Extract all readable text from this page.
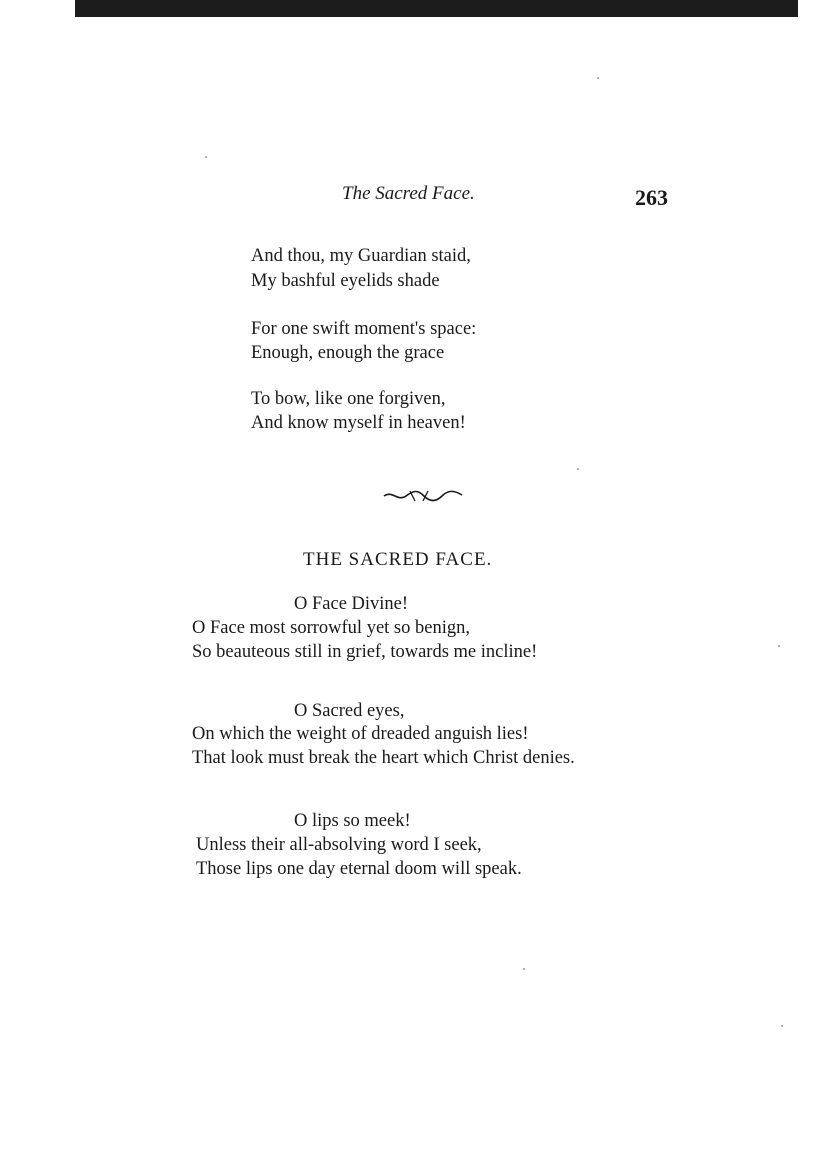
The Sacred Face.	263
And thou, my Guardian staid,
My bashful eyelids shade
For one swift moment's space:
Enough, enough the grace
To bow, like one forgiven,
And know myself in heaven!
THE SACRED FACE.
O Face Divine!
O Face most sorrowful yet so benign,
So beauteous still in grief, towards me incline!
O Sacred eyes,
On which the weight of dreaded anguish lies!
That look must break the heart which Christ denies.
O lips so meek!
Unless their all-absolving word I seek,
Those lips one day eternal doom will speak.
